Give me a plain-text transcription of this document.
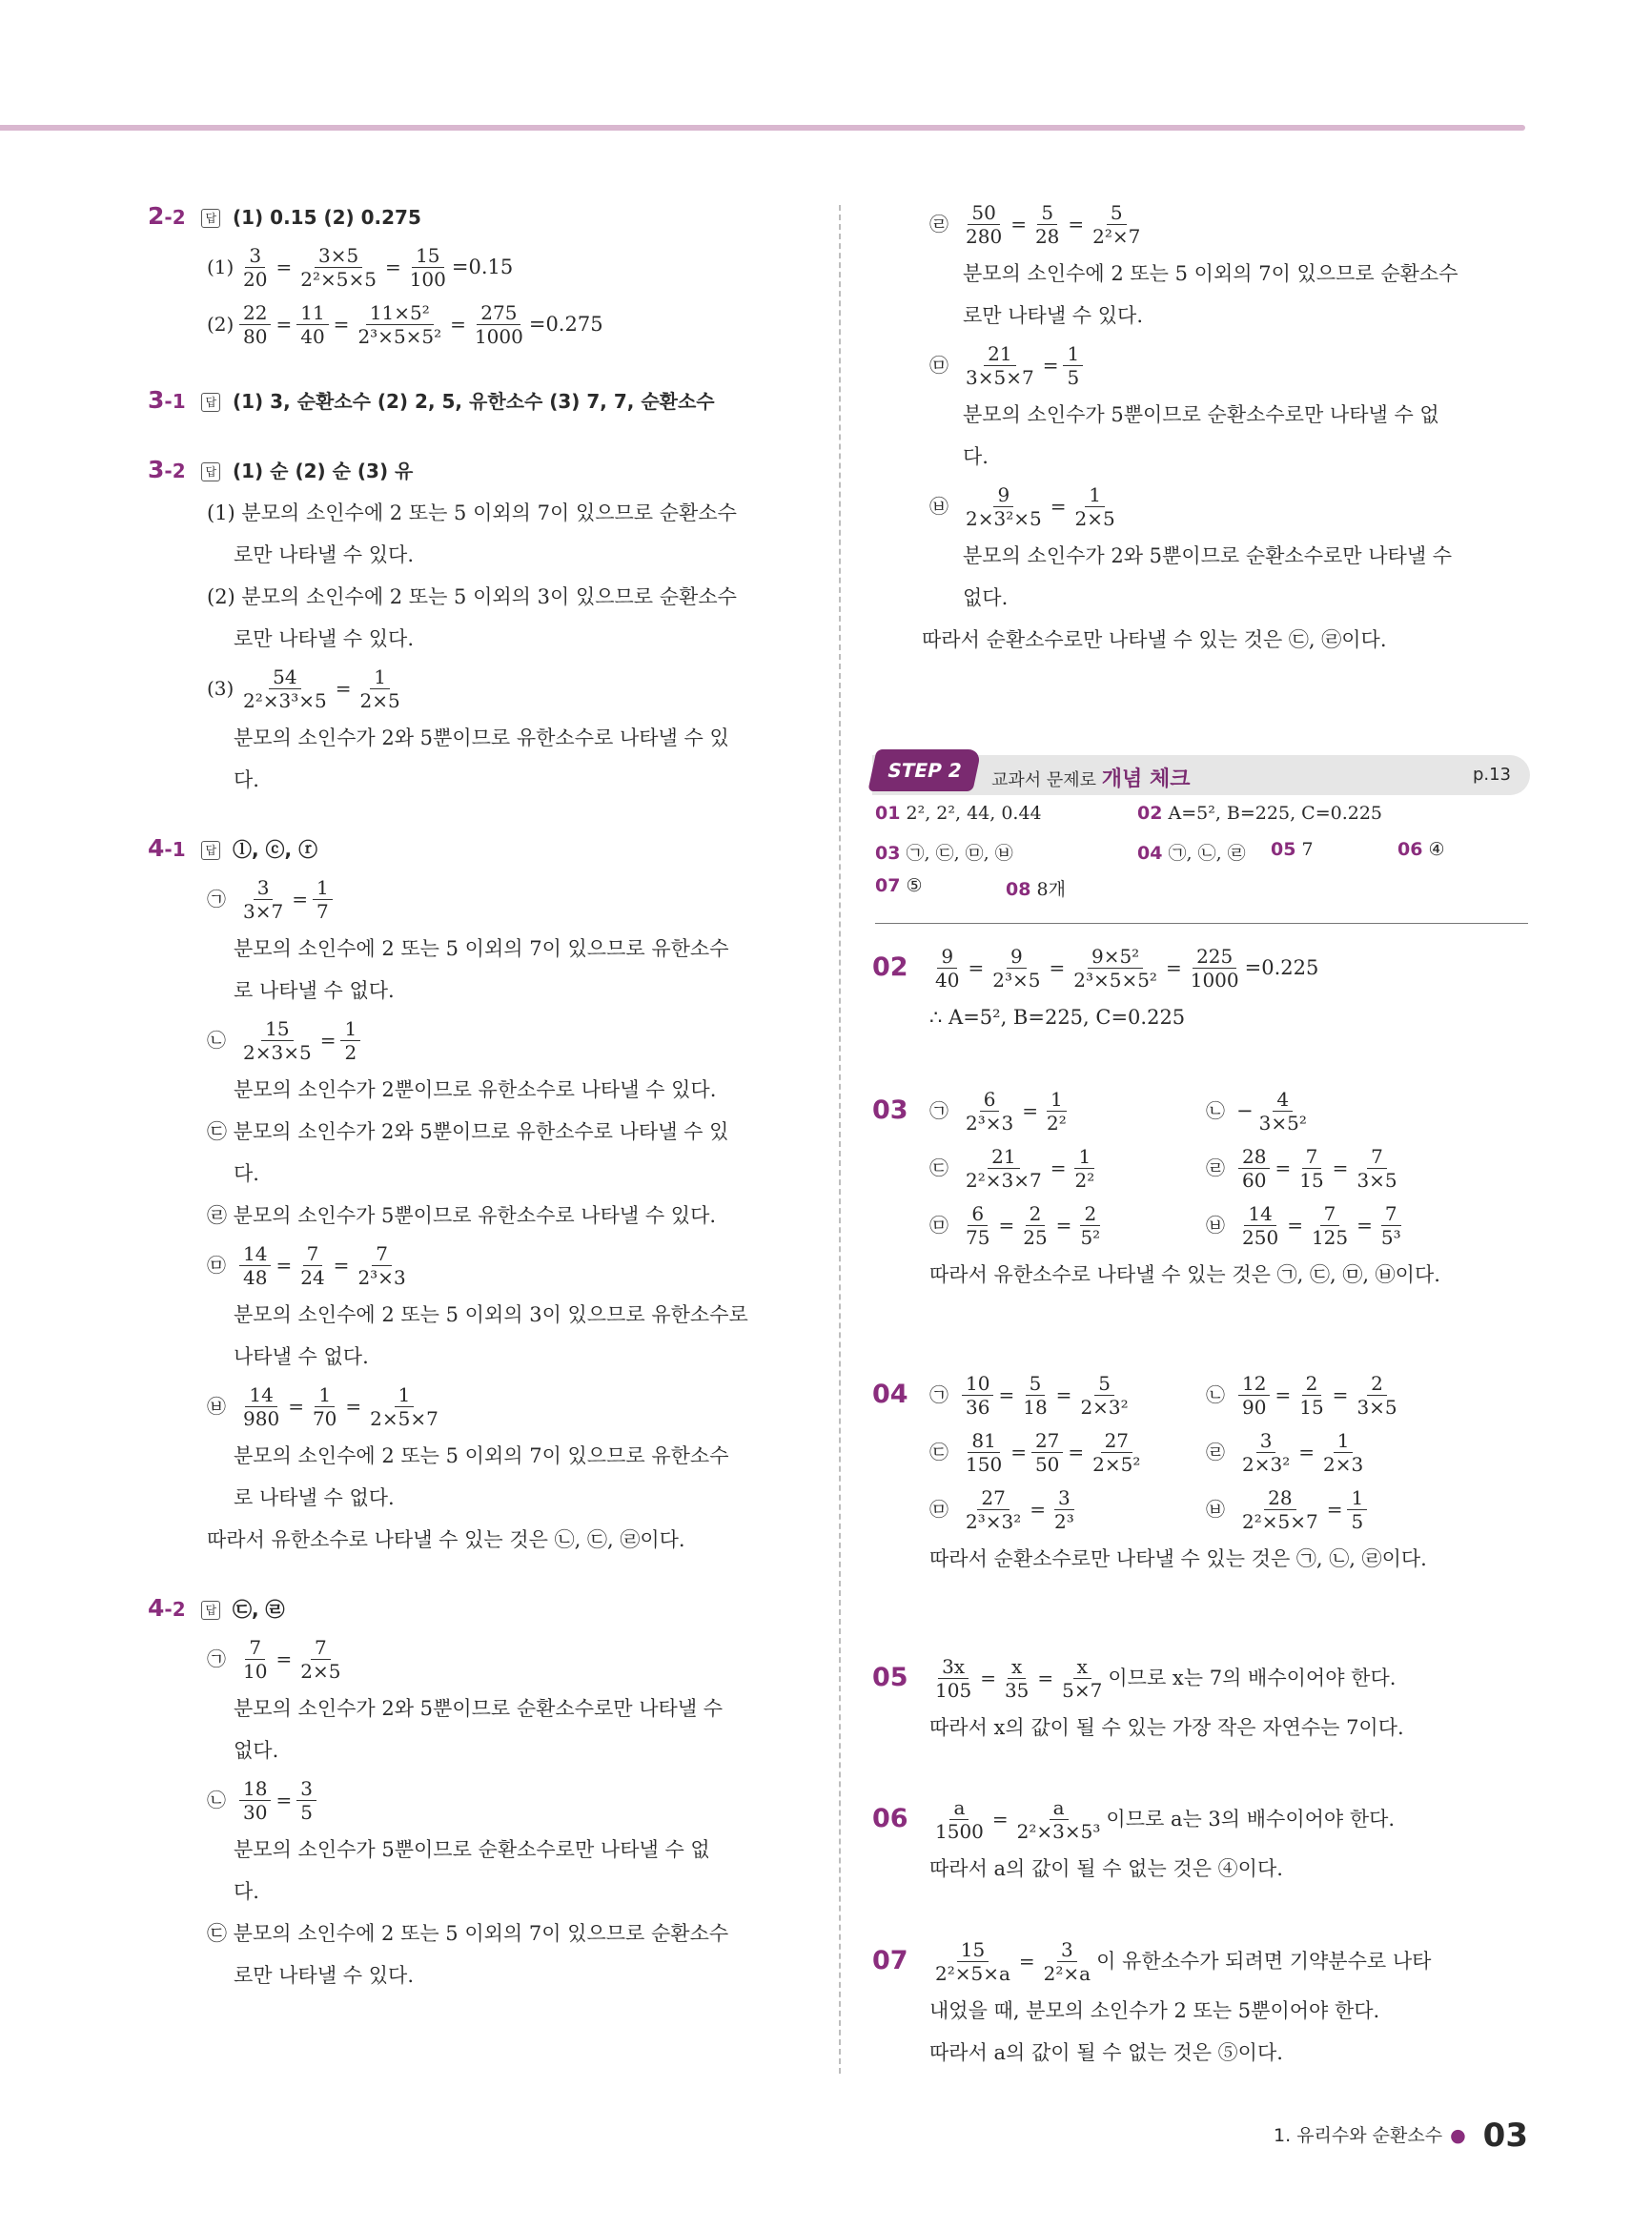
2-2 답 (1) 0.15 (2) 0.275
$(1) \frac{3}{20} = \frac{3\times 5}{\text{2²×5×5}} = \frac{15}{100} =0.15$
$(2) \frac{22}{80} = \frac{11}{40} = \frac{\text{11×5²}}{\text{2³×5×5²}} = \frac{275}{1000} =0.275$
3-1 답 (1) 3, 순환소수 (2) 2, 5, 유한소수 (3) 7, 7, 순환소수
3-2 답 (1) 순 (2) 순 (3) 유
(1) 분모의 소인수에 2 또는 5 이외의 7이 있으므로 순환소수
로만 나타낼 수 있다.
(2) 분모의 소인수에 2 또는 5 이외의 3이 있으므로 순환소수
로만 나타낼 수 있다.
$(3) \frac{54}{\text{2²×3³×5}} = \frac{1}{2\times 5}$
분모의 소인수가 2와 5뿐이므로 유한소수로 나타낼 수 있
다.
4-1 답 ⓛ, ⓒ, ⓡ
㉠ $\frac{3}{3\times 7} = \frac{1}{7}$
분모의 소인수에 2 또는 5 이외의 7이 있으므로 유한소수
로 나타낼 수 없다.
㉡ $\frac{15}{2\times 3\times 5} = \frac{1}{2}$
분모의 소인수가 2뿐이므로 유한소수로 나타낼 수 있다.
㉢ 분모의 소인수가 2와 5뿐이므로 유한소수로 나타낼 수 있
다.
㉣ 분모의 소인수가 5뿐이므로 유한소수로 나타낼 수 있다.
㉤ $\frac{14}{48} = \frac{7}{24} = \frac{7}{\text{2³×3}}$
분모의 소인수에 2 또는 5 이외의 3이 있으므로 유한소수로
나타낼 수 없다.
㉥ $\frac{14}{980} = \frac{1}{70} = \frac{1}{2\times 5\times 7}$
분모의 소인수에 2 또는 5 이외의 7이 있으므로 유한소수
로 나타낼 수 없다.
따라서 유한소수로 나타낼 수 있는 것은 ㉡, ㉢, ㉣이다.
4-2 답 ㉢, ㉣
㉠ $\frac{7}{10} = \frac{7}{2\times 5}$
분모의 소인수가 2와 5뿐이므로 순환소수로만 나타낼 수
없다.
㉡ $\frac{18}{30} = \frac{3}{5}$
분모의 소인수가 5뿐이므로 순환소수로만 나타낼 수 없
다.
㉢ 분모의 소인수에 2 또는 5 이외의 7이 있으므로 순환소수
로만 나타낼 수 있다.
㉣ $\frac{50}{280} = \frac{5}{28} = \frac{5}{\text{2²×7}}$
분모의 소인수에 2 또는 5 이외의 7이 있으므로 순환소수
로만 나타낼 수 있다.
㉤ $\frac{21}{3\times 5\times 7} = \frac{1}{5}$
분모의 소인수가 5뿐이므로 순환소수로만 나타낼 수 없
다.
㉥ $\frac{9}{\text{2×3²×5}} = \frac{1}{2\times 5}$
분모의 소인수가 2와 5뿐이므로 순환소수로만 나타낼 수
없다.
따라서 순환소수로만 나타낼 수 있는 것은 ㉢, ㉣이다.
STEP 2	교과서 문제로 개념 체크	p.13
01 2², 2², 44, 0.44	02 A=5², B=225, C=0.225
03 ㉠, ㉢, ㉤, ㉥	04 ㉠, ㉡, ㉣ 05 7	06 ④
07 ⑤	08 8개
$02 \frac{9}{40} = \frac{9}{\text{2³×5}} = \frac{\text{9×5²}}{\text{2³×5×5²}} = \frac{225}{1000} =0.225$
∴ A=5², B=225, C=0.225
03 ㉠ $\frac{6}{\text{2³×3}} = \frac{1}{\text{2²}}$	㉡ − $\frac{4}{\text{3×5²}}$
㉢ $\frac{21}{\text{2²×3×7}} = \frac{1}{\text{2²}}$	㉣ $\frac{28}{60} = \frac{7}{15} = \frac{7}{3\times 5}$
㉤ $\frac{6}{75} = \frac{2}{25} = \frac{2}{\text{5²}}$	㉥ $\frac{14}{250} = \frac{7}{125} = \frac{7}{\text{5³}}$
따라서 유한소수로 나타낼 수 있는 것은 ㉠, ㉢, ㉤, ㉥이다.
04 ㉠ $\frac{10}{36} = \frac{5}{18} = \frac{5}{\text{2×3²}}$	㉡ $\frac{12}{90} = \frac{2}{15} = \frac{2}{3\times 5}$
㉢ $\frac{81}{150} = \frac{27}{50} = \frac{27}{\text{2×5²}}$	㉣ $\frac{3}{\text{2×3²}} = \frac{1}{2\times 3}$
㉤ $\frac{27}{\text{2³×3²}} = \frac{3}{\text{2³}}$	㉥ $\frac{28}{\text{2²×5×7}} = \frac{1}{5}$
따라서 순환소수로만 나타낼 수 있는 것은 ㉠, ㉡, ㉣이다.
$05 \frac{3x}{105} = \frac{x}{35} = \frac{x}{5\times 7}$ 이므로 x는 7의 배수이어야 한다.
따라서 x의 값이 될 수 있는 가장 작은 자연수는 7이다.
$06 \frac{a}{1500} = \frac{a}{\text{2²×3×5³}}$ 이므로 a는 3의 배수이어야 한다.
따라서 a의 값이 될 수 없는 것은 ④이다.
$07 \frac{15}{\text{2²×5×a}} = \frac{3}{\text{2²×a}}$ 이 유한소수가 되려면 기약분수로 나타
내었을 때, 분모의 소인수가 2 또는 5뿐이어야 한다.
따라서 a의 값이 될 수 없는 것은 ⑤이다.
1. 유리수와 순환소수 ● 03
